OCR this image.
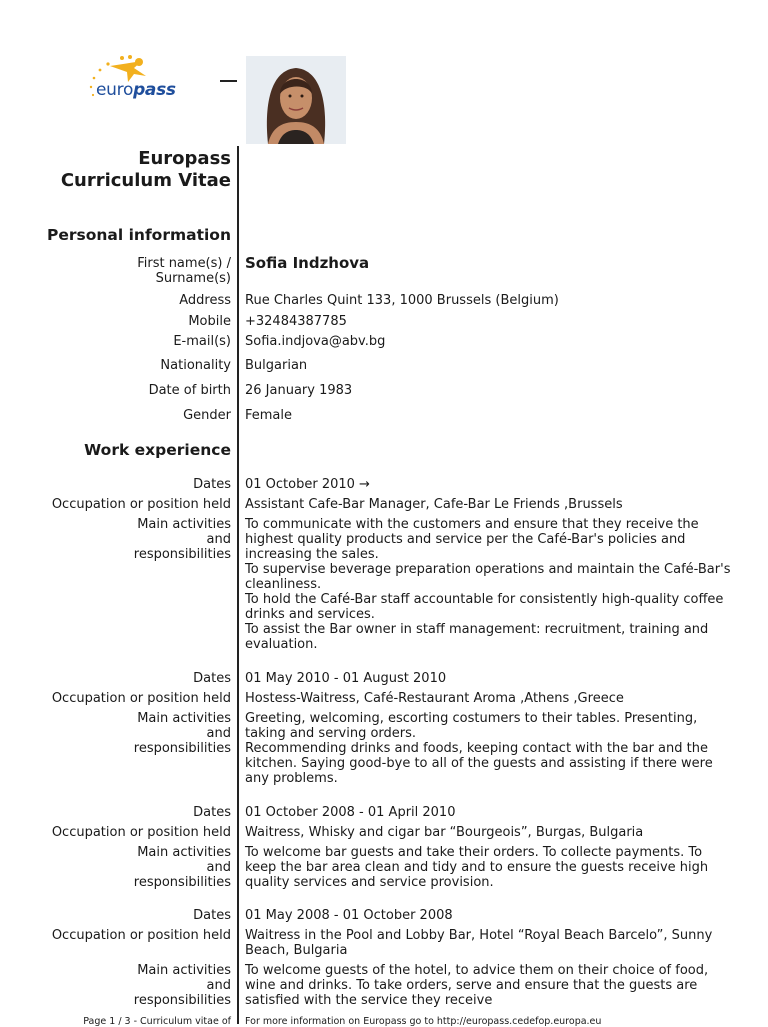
europass
Europass
Curriculum Vitae
Personal information
First name(s) / Surname(s)
Sofia Indzhova
Address Rue Charles Quint 133, 1000 Brussels (Belgium)
Mobile +32484387785
E-mail(s) Sofia.indjova@abv.bg
Nationality Bulgarian
Date of birth 26 January 1983
Gender Female
Work experience
Dates 01 October 2010 →
Occupation or position held Assistant Cafe-Bar Manager, Cafe-Bar Le Friends ,Brussels
Main activities and responsibilities

To communicate with the customers and ensure that they receive the highest quality products and service per the Café-Bar's policies and increasing the sales.

To supervise beverage preparation operations and maintain the Café-Bar's cleanliness.

To hold the Café-Bar staff accountable for consistently high-quality coffee drinks and services.

To assist the Bar owner in staff management: recruitment, training and evaluation.

Dates 01 May 2010 - 01 August 2010
Occupation or position held Hostess-Waitress, Café-Restaurant Aroma ,Athens ,Greece
Main activities and responsibilities

Greeting, welcoming, escorting costumers to their tables. Presenting, taking and serving orders.

Recommending drinks and foods, keeping contact with the bar and the kitchen. Saying good-bye to all of the guests and assisting if there were any problems.

Dates 01 October 2008 - 01 April 2010
Occupation or position held Waitress, Whisky and cigar bar “Bourgeois”, Burgas, Bulgaria
Main activities and responsibilities

To welcome bar guests and take their orders. To collecte payments. To keep the bar area clean and tidy and to ensure the guests receive high quality services and service provision.

Dates 01 May 2008 - 01 October 2008
Occupation or position held Waitress in the Pool and Lobby Bar, Hotel “Royal Beach Barcelo”, Sunny Beach, Bulgaria
Main activities and responsibilities

To welcome guests of the hotel, to advice them on their choice of food, wine and drinks. To take orders, serve and ensure that the guests are satisfied with the service they receive

Page 1 / 3 - Curriculum vitae of For more information on Europass go to http://europass.cedefop.europa.eu
